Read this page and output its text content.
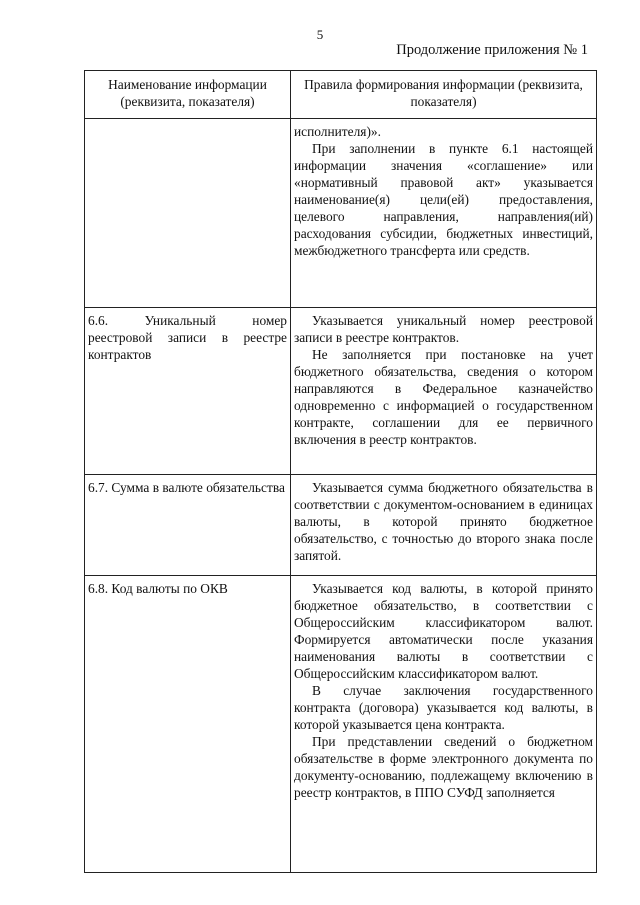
5
Продолжение приложения № 1
Наименование информации (реквизита, показателя)	Правила формирования информации (реквизита, показателя)

	исполнителя)».

При заполнении в пункте 6.1 настоящей информации значения «соглашение» или «нормативный правовой акт» указывается наименование(я) цели(ей) предоставления, целевого направления, направления(ий) расходования субсидии, бюджетных инвестиций, межбюджетного трансферта или средств.

6.6. Уникальный номер реестровой записи в реестре контрактов	Указывается уникальный номер реестровой записи в реестре контрактов.

Не заполняется при постановке на учет бюджетного обязательства, сведения о котором направляются в Федеральное казначейство одновременно с информацией о государственном контракте, соглашении для ее первичного включения в реестр контрактов.

6.7. Сумма в валюте обязательства	Указывается сумма бюджетного обязательства в соответствии с документом-основанием в единицах валюты, в которой принято бюджетное обязательство, с точностью до второго знака после запятой.

6.8. Код валюты по ОКВ	Указывается код валюты, в которой принято бюджетное обязательство, в соответствии с Общероссийским классификатором валют. Формируется автоматически после указания наименования валюты в соответствии с Общероссийским классификатором валют.

В случае заключения государственного контракта (договора) указывается код валюты, в которой указывается цена контракта.

При представлении сведений о бюджетном обязательстве в форме электронного документа по документу-основанию, подлежащему включению в реестр контрактов, в ППО СУФД заполняется
